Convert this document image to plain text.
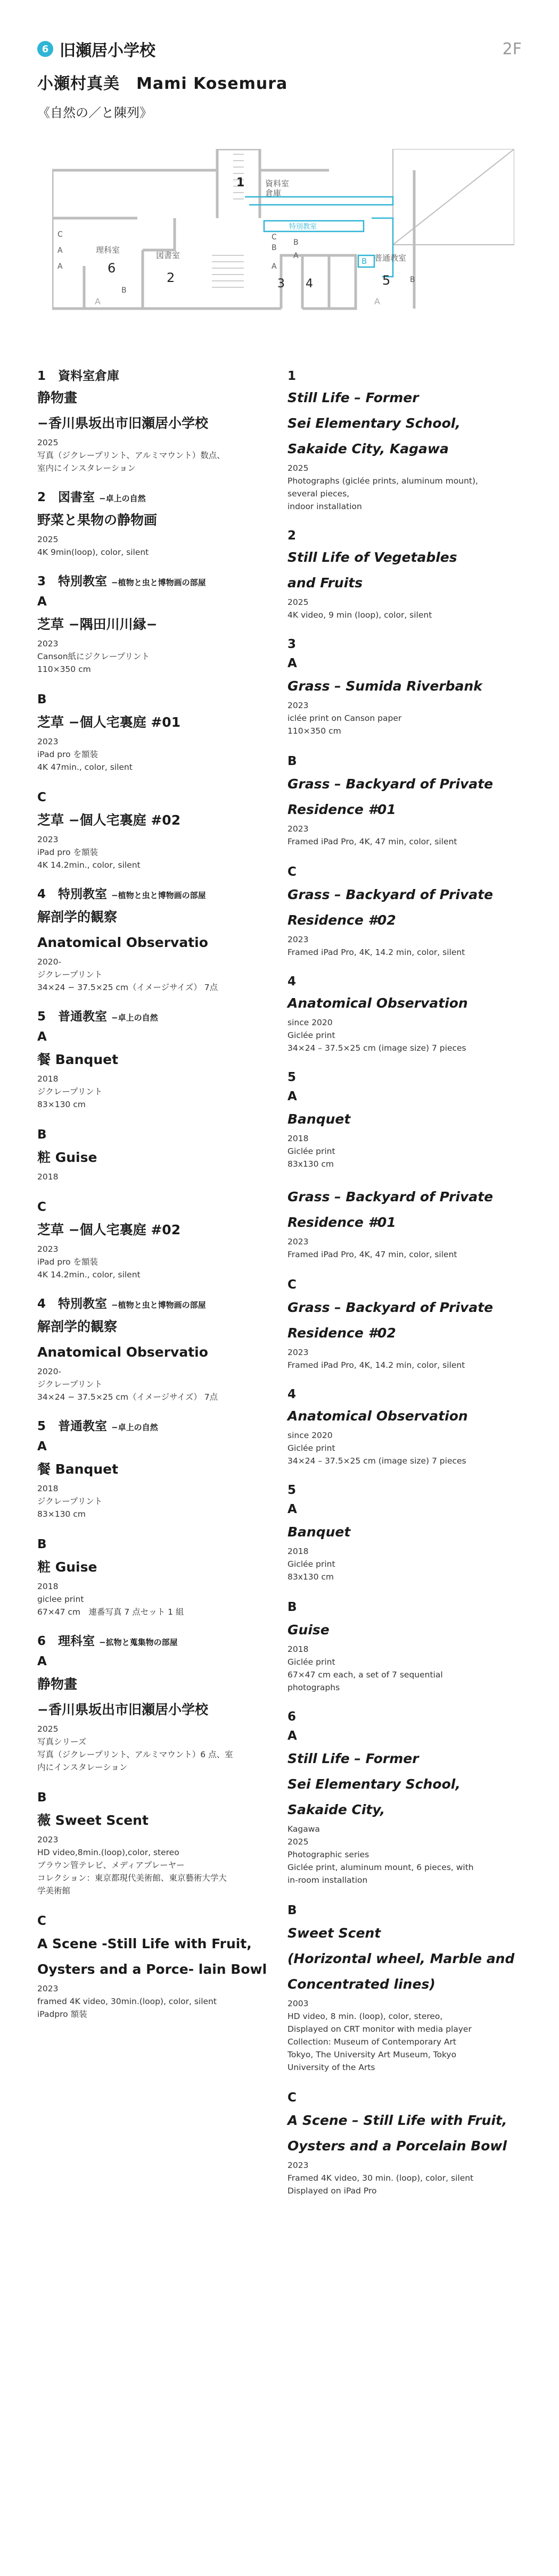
6 旧瀬居小学校	2F
小瀬村真美　Mami Kosemura
《自然の／と陳列》
B
資料室
倉庫
理科室
図書室
特別教室
普通教室
1
2	3 4	5
6
C
A
A
B
A
C
B
A
B
A
B
A
1　資料室倉庫
静物畫
−香川県坂出市旧瀬居小学校
2025
写真（ジクレープリント、アルミマウント）数点、
室内にインスタレーション
2　図書室 −卓上の自然
野菜と果物の静物画
2025
4K 9min(loop), color, silent
3　特別教室 −植物と虫と博物画の部屋
A
芝草 −隅田川川縁−
2023
Canson紙にジクレープリント
110×350 cm
B
芝草 −個人宅裏庭 #01
2023
iPad pro を額装
4K 47min., color, silent
C
芝草 −個人宅裏庭 #02
2023
iPad pro を額装
4K 14.2min., color, silent
4　特別教室 −植物と虫と博物画の部屋
解剖学的観察
Anatomical Observatio
2020-
ジクレープリント
34×24 − 37.5×25 cm（イメージサイズ） 7点
5　普通教室 −卓上の自然
A
餐 Banquet
2018
ジクレープリント
83×130 cm
B
粧 Guise
2018
C
芝草 −個人宅裏庭 #02
2023
iPad pro を額装
4K 14.2min., color, silent
4　特別教室 −植物と虫と博物画の部屋
解剖学的観察
Anatomical Observatio
2020-
ジクレープリント
34×24 − 37.5×25 cm（イメージサイズ） 7点
5　普通教室 −卓上の自然
A
餐 Banquet
2018
ジクレープリント
83×130 cm
B
粧 Guise
2018
giclee print
67×47 cm　連番写真 7 点セット 1 組
6　理科室 −拡物と蒐集物の部屋
A
静物畫
−香川県坂出市旧瀬居小学校
2025
写真シリーズ
写真（ジクレープリント、アルミマウント）6 点、室
内にインスタレーション
B
薇 Sweet Scent
2023
HD video,8min.(loop),color, stereo
ブラウン管テレビ、メディアプレーヤー
コレクション：東京都現代美術館、東京藝術大学大
学美術館
C
A Scene -Still Life with Fruit,
Oysters and a Porce- lain Bowl
2023
framed 4K video, 30min.(loop), color, silent
iPadpro 額装
1
Still Life – Former
Sei Elementary School,
Sakaide City, Kagawa
2025
Photographs (giclée prints, aluminum mount),
several pieces,
indoor installation
2
Still Life of Vegetables
and Fruits
2025
4K video, 9 min (loop), color, silent
3
A
Grass – Sumida Riverbank
2023
iclée print on Canson paper
110×350 cm
B
Grass – Backyard of Private
Residence #01
2023
Framed iPad Pro, 4K, 47 min, color, silent
C
Grass – Backyard of Private
Residence #02
2023
Framed iPad Pro, 4K, 14.2 min, color, silent
4
Anatomical Observation
since 2020
Giclée print
34×24 – 37.5×25 cm (image size) 7 pieces
5
A
Banquet
2018
Giclée print
83x130 cm
Grass – Backyard of Private
Residence #01
2023
Framed iPad Pro, 4K, 47 min, color, silent
C
Grass – Backyard of Private
Residence #02
2023
Framed iPad Pro, 4K, 14.2 min, color, silent
4
Anatomical Observation
since 2020
Giclée print
34×24 – 37.5×25 cm (image size) 7 pieces
5
A
Banquet
2018
Giclée print
83x130 cm
B
Guise
2018
Giclée print
67×47 cm each, a set of 7 sequential
photographs
6
A
Still Life – Former
Sei Elementary School,
Sakaide City,
Kagawa
2025
Photographic series
Giclée print, aluminum mount, 6 pieces, with
in-room installation
B
Sweet Scent
(Horizontal wheel, Marble and
Concentrated lines)
2003
HD video, 8 min. (loop), color, stereo,
Displayed on CRT monitor with media player
Collection: Museum of Contemporary Art
Tokyo, The University Art Museum, Tokyo
University of the Arts
C
A Scene – Still Life with Fruit,
Oysters and a Porcelain Bowl
2023
Framed 4K video, 30 min. (loop), color, silent
Displayed on iPad Pro
